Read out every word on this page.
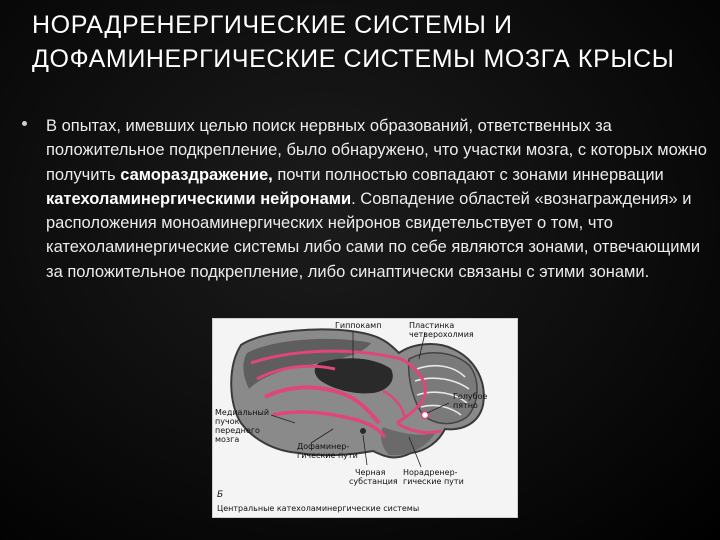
НОРАДРЕНЕРГИЧЕСКИЕ СИСТЕМЫ И ДОФАМИНЕРГИЧЕСКИЕ СИСТЕМЫ МОЗГА КРЫСЫ

В опытах, имевших целью поиск нервных образований, ответственных за положительное подкрепление, было обнаружено, что участки мозга, с которых можно получить самораздражение, почти полностью совпадают с зонами иннервации катехоламинергическими нейронами. Совпадение областей «вознаграждения» и расположения моноаминергических нейронов свидетельствует о том, что катехоламинергические системы либо сами по себе являются зонами, отвечающими за положительное подкрепление, либо синаптически связаны с этими зонами.

Гиппокамп	Пластинка
четверохолмия
Медиальный
пучок
переднего
мозга
Дофаминер-
гические пути
Черная
субстанция
Голубое
пятно
Норадренер-
гические пути
Б
Центральные катехоламинергические системы
